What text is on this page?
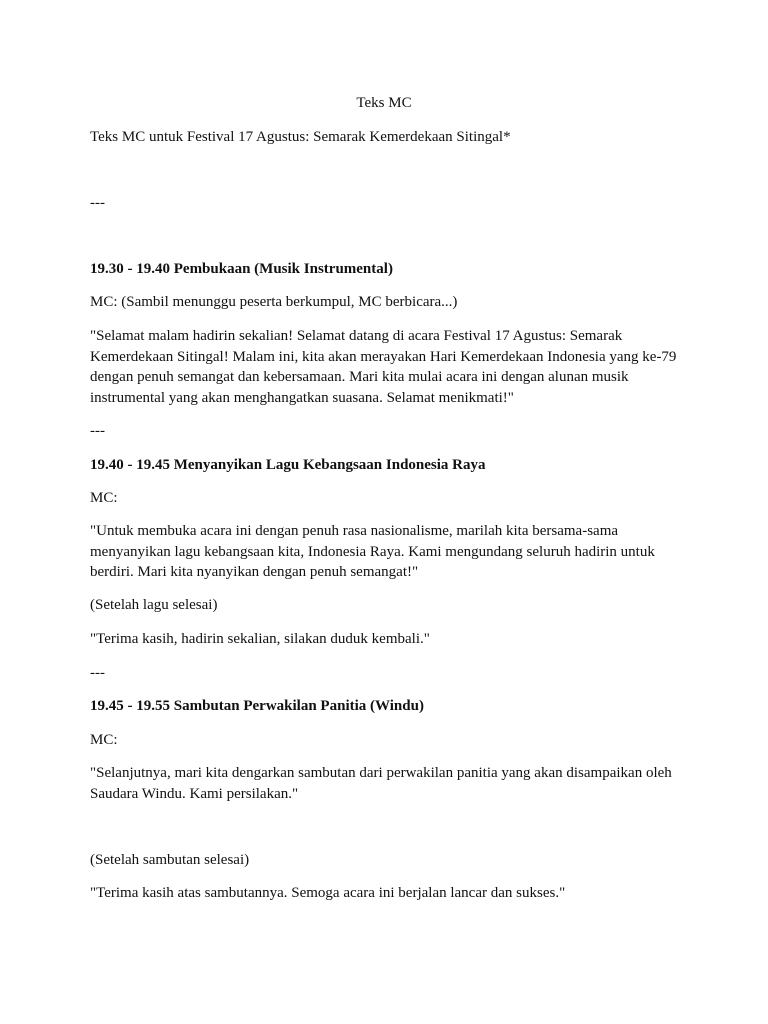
Teks MC

Teks MC untuk Festival 17 Agustus: Semarak Kemerdekaan Sitingal*

---

19.30 - 19.40 Pembukaan (Musik Instrumental)

MC: (Sambil menunggu peserta berkumpul, MC berbicara...)

"Selamat malam hadirin sekalian! Selamat datang di acara Festival 17 Agustus: Semarak Kemerdekaan Sitingal! Malam ini, kita akan merayakan Hari Kemerdekaan Indonesia yang ke-79 dengan penuh semangat dan kebersamaan. Mari kita mulai acara ini dengan alunan musik instrumental yang akan menghangatkan suasana. Selamat menikmati!"

---

19.40 - 19.45 Menyanyikan Lagu Kebangsaan Indonesia Raya

MC:

"Untuk membuka acara ini dengan penuh rasa nasionalisme, marilah kita bersama-sama menyanyikan lagu kebangsaan kita, Indonesia Raya. Kami mengundang seluruh hadirin untuk berdiri. Mari kita nyanyikan dengan penuh semangat!"

(Setelah lagu selesai)

"Terima kasih, hadirin sekalian, silakan duduk kembali."

---

19.45 - 19.55 Sambutan Perwakilan Panitia (Windu)

MC:

"Selanjutnya, mari kita dengarkan sambutan dari perwakilan panitia yang akan disampaikan oleh Saudara Windu. Kami persilakan."

(Setelah sambutan selesai)

"Terima kasih atas sambutannya. Semoga acara ini berjalan lancar dan sukses."
